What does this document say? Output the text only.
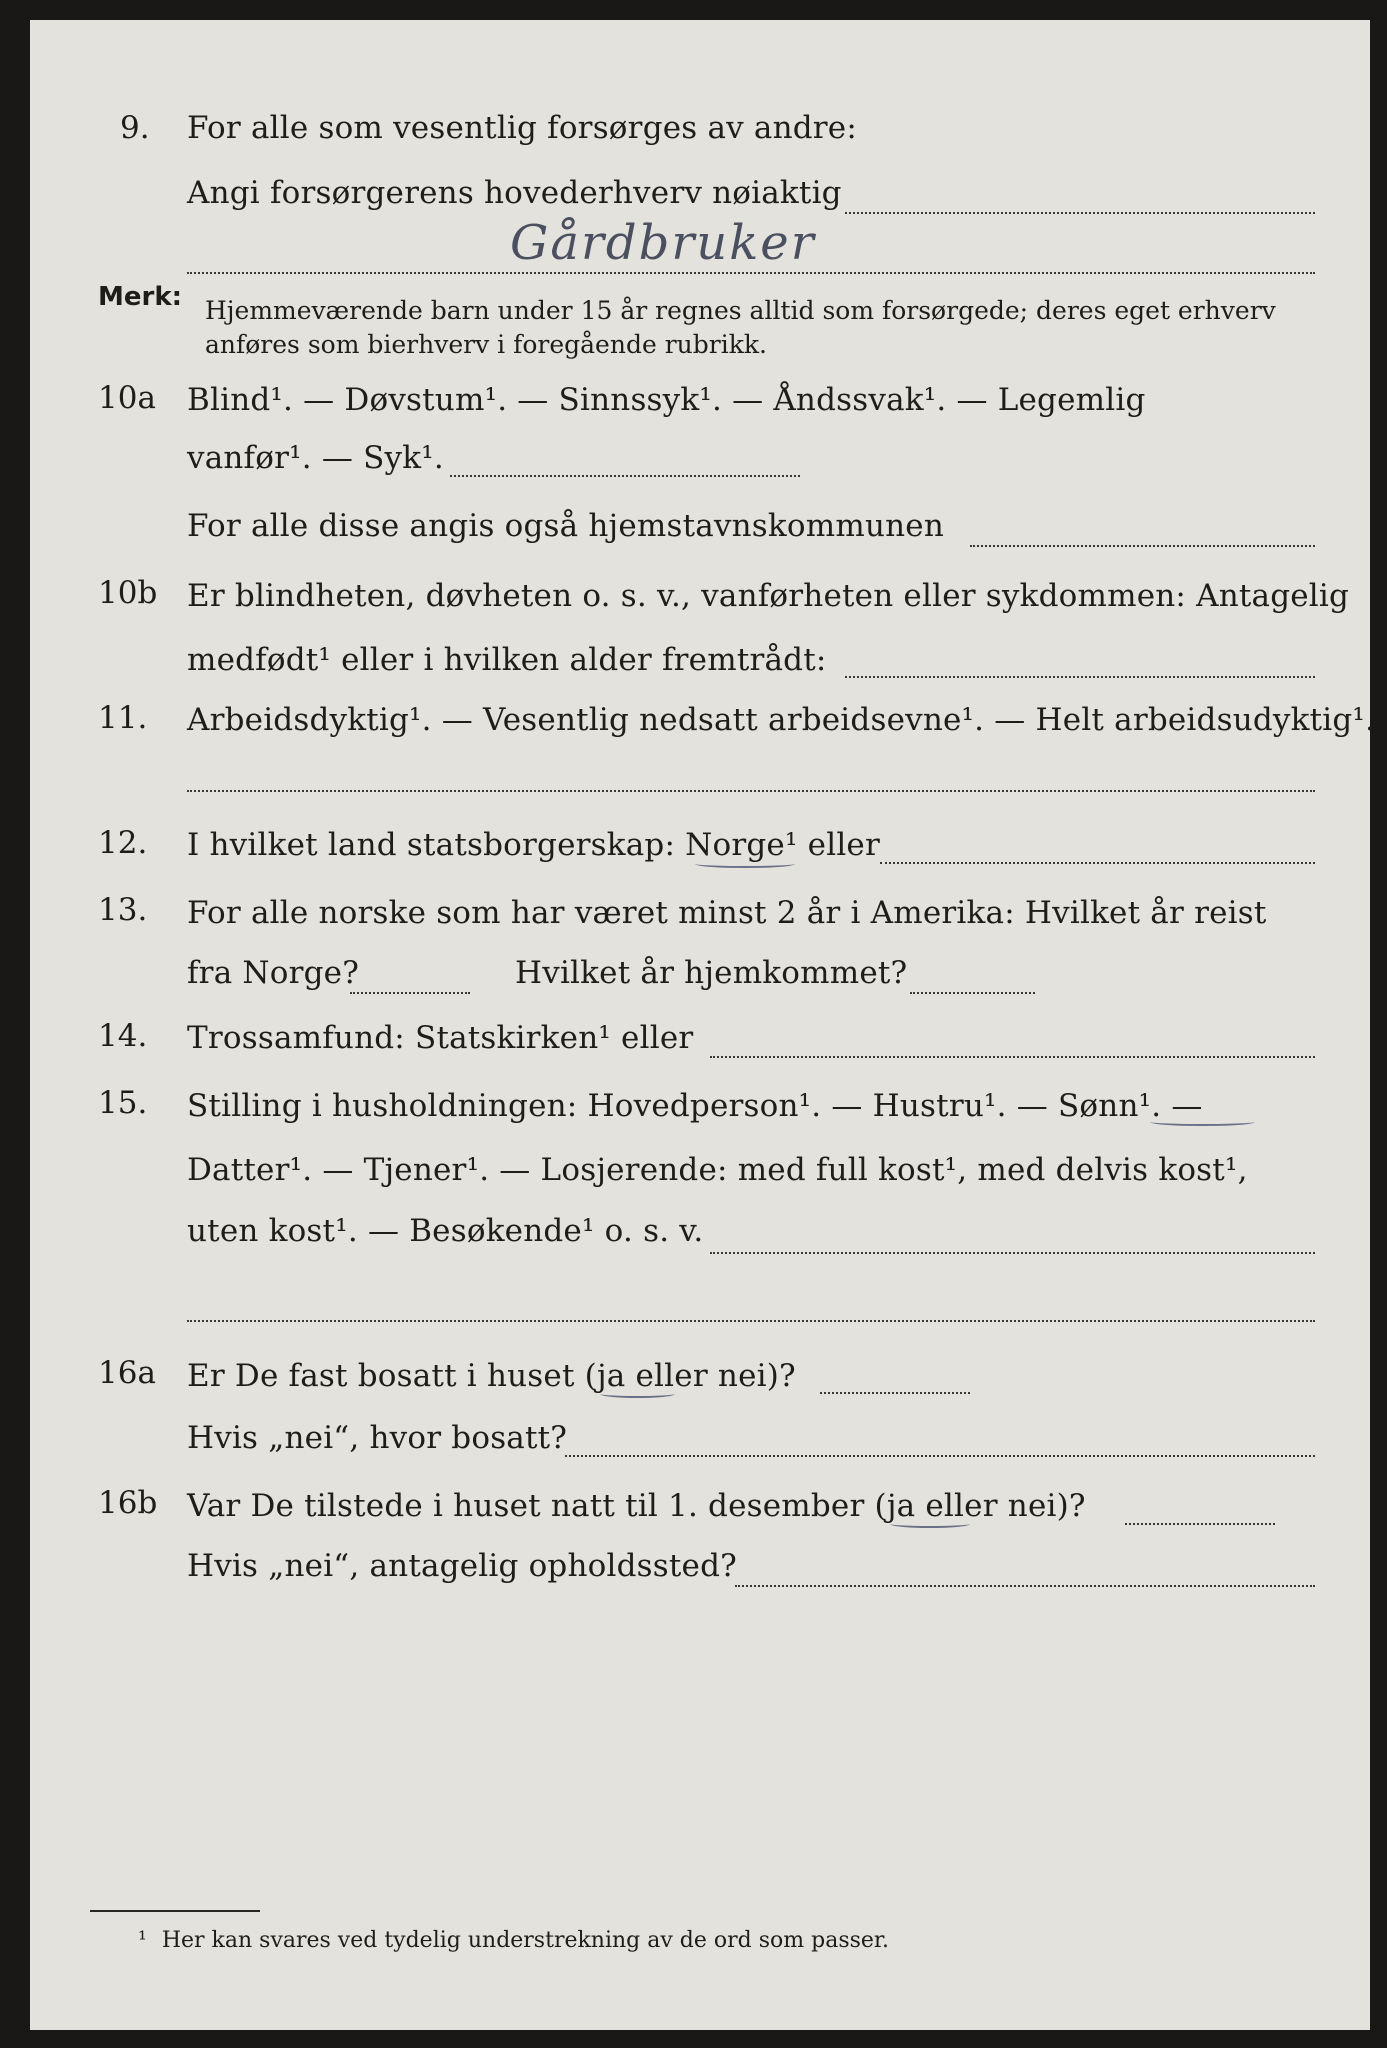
9. For alle som vesentlig forsørges av andre:
Angi forsørgerens hovederhverv nøiaktig
Gårdbruker
Merk: Hjemmeværende barn under 15 år regnes alltid som forsørgede; deres eget erhverv
anføres som bierhverv i foregående rubrikk.
10a Blind¹. — Døvstum¹. — Sinnssyk¹. — Åndssvak¹. — Legemlig
vanfør¹. — Syk¹.
For alle disse angis også hjemstavnskommunen
10b Er blindheten, døvheten o. s. v., vanførheten eller sykdommen: Antagelig
medfødt¹ eller i hvilken alder fremtrådt:
11. Arbeidsdyktig¹. — Vesentlig nedsatt arbeidsevne¹. — Helt arbeidsudyktig¹.
12. I hvilket land statsborgerskap: Norge¹ eller
13. For alle norske som har været minst 2 år i Amerika: Hvilket år reist
fra Norge?	Hvilket år hjemkommet?
14. Trossamfund: Statskirken¹ eller
15. Stilling i husholdningen: Hovedperson¹. — Hustru¹. — Sønn¹. —
Datter¹. — Tjener¹. — Losjerende: med full kost¹, med delvis kost¹,
uten kost¹. — Besøkende¹ o. s. v.
16a Er De fast bosatt i huset (ja eller nei)?
Hvis „nei“, hvor bosatt?
16b Var De tilstede i huset natt til 1. desember (ja eller nei)?
Hvis „nei“, antagelig opholdssted?
¹ Her kan svares ved tydelig understrekning av de ord som passer.
